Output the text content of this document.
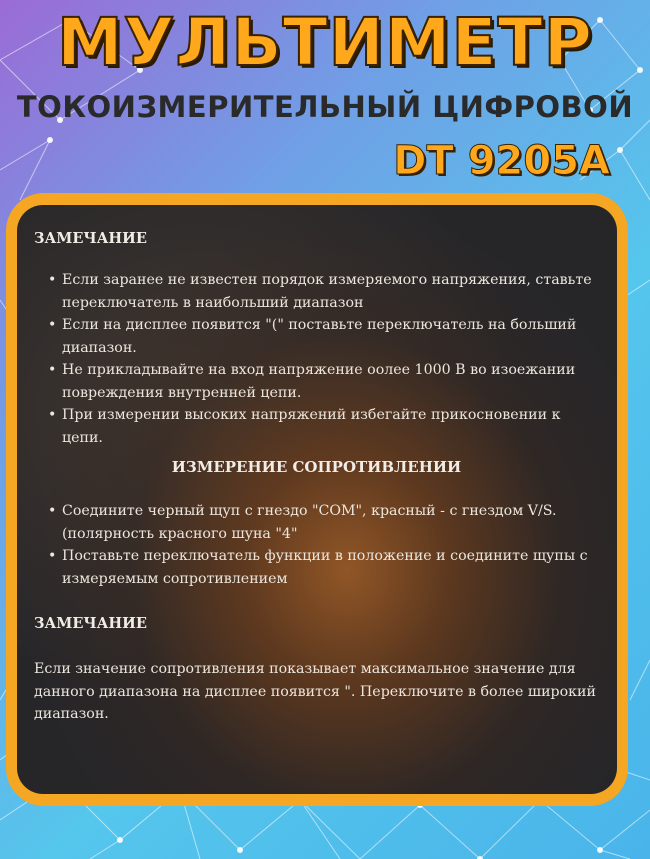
МУЛЬТИМЕТР
ТОКОИЗМЕРИТЕЛЬНЫЙ ЦИФРОВОЙ
DT 9205A
ЗАМЕЧАНИЕ
• Если заранее не известен порядок измеряемого напряжения, ставьте переключатель в наибольший диапазон
• Если на дисплее появится "(" поставьте переключатель на больший диапазон.
• Не прикладывайте на вход напряжение оолее 1000 В во изоежании повреждения внутренней цепи.
• При измерении высоких напряжений избегайте прикосновении к цепи.
ИЗМЕРЕНИЕ СОПРОТИВЛЕНИИ
• Соедините черный щуп с гнездо "COM", красный - с гнездом V/S. (полярность красного шуна "4"
• Поставьте переключатель функции в положение и соедините щупы с измеряемым сопротивлением
ЗАМЕЧАНИЕ
Если значение сопротивления показывает максимальное значение для данного диапазона на дисплее появится ". Переключите в более широкий диапазон.
